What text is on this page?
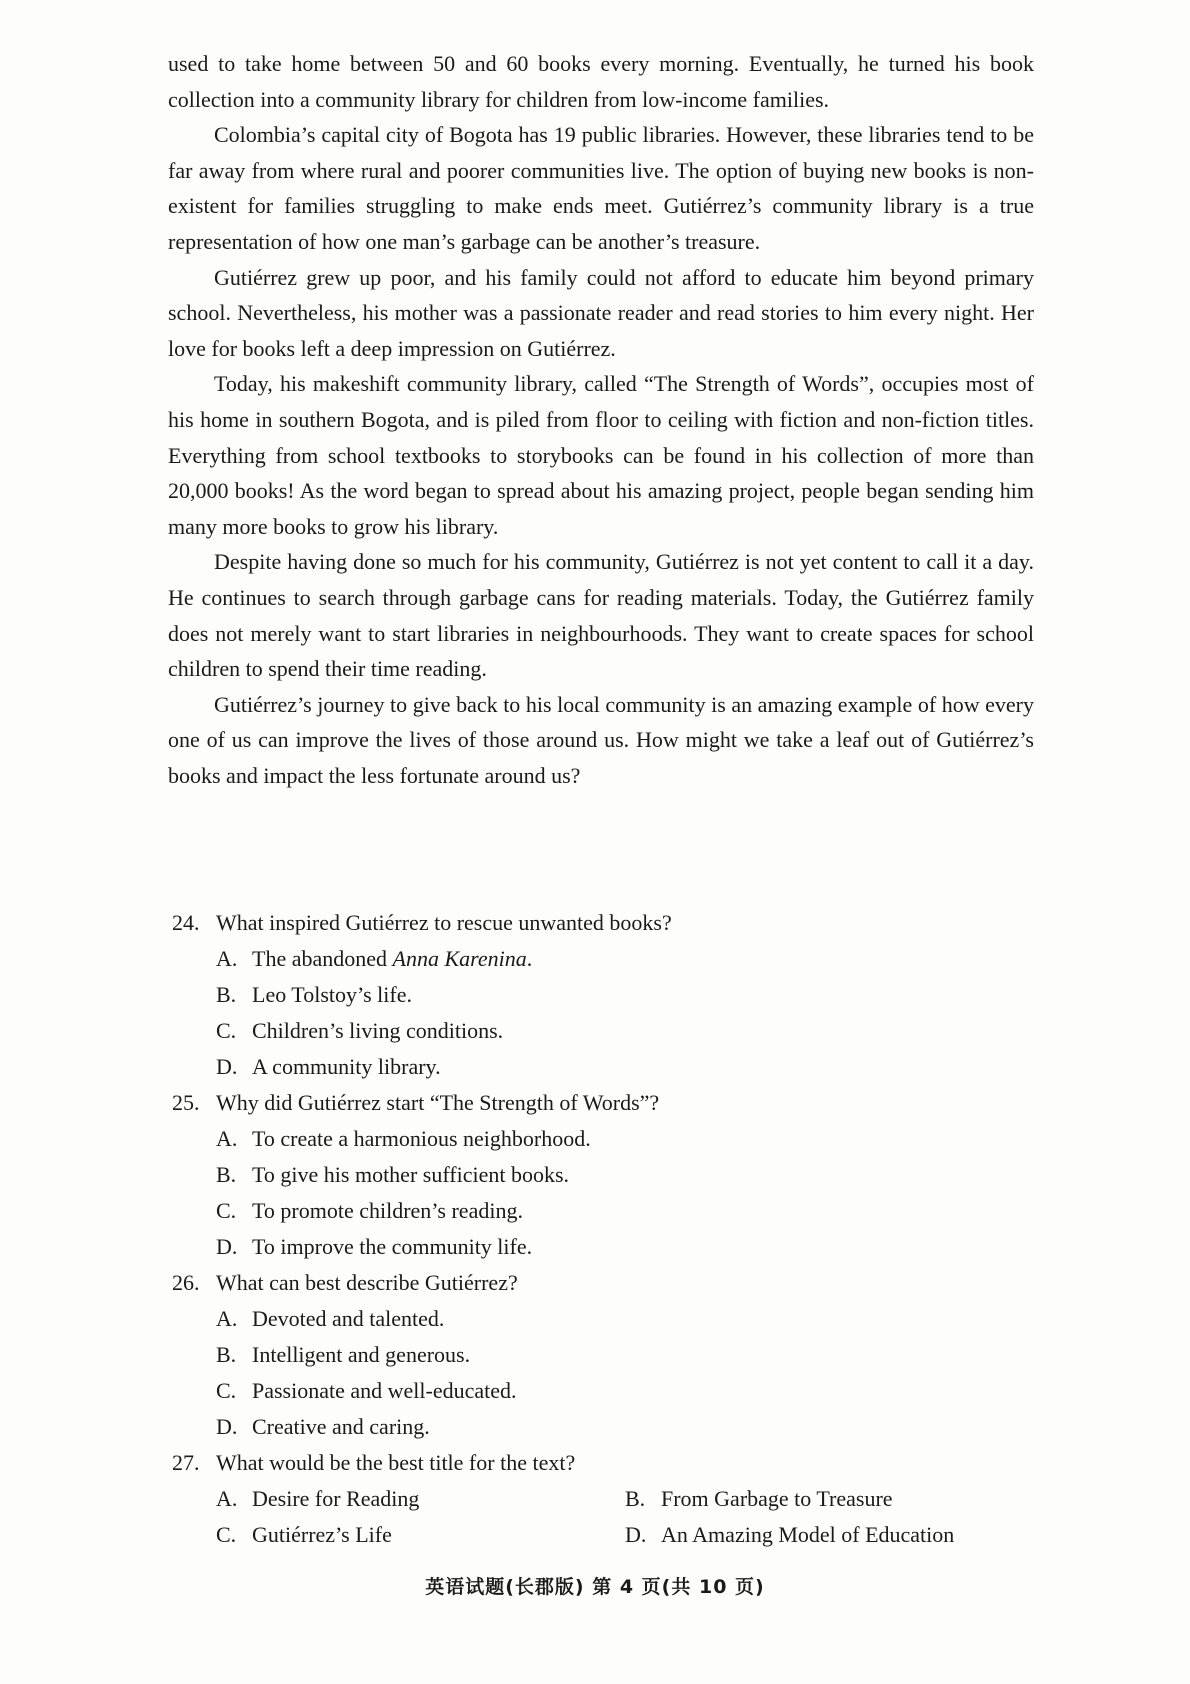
used to take home between 50 and 60 books every morning. Eventually, he turned his book collection into a community library for children from low-income families.

Colombia’s capital city of Bogota has 19 public libraries. However, these libraries tend to be far away from where rural and poorer communities live. The option of buying new books is non-existent for families struggling to make ends meet. Gutiérrez’s community library is a true representation of how one man’s garbage can be another’s treasure.

Gutiérrez grew up poor, and his family could not afford to educate him beyond primary school. Nevertheless, his mother was a passionate reader and read stories to him every night. Her love for books left a deep impression on Gutiérrez.

Today, his makeshift community library, called “The Strength of Words”, occupies most of his home in southern Bogota, and is piled from floor to ceiling with fiction and non-fiction titles. Everything from school textbooks to storybooks can be found in his collection of more than 20,000 books! As the word began to spread about his amazing project, people began sending him many more books to grow his library.

Despite having done so much for his community, Gutiérrez is not yet content to call it a day. He continues to search through garbage cans for reading materials. Today, the Gutiérrez family does not merely want to start libraries in neighbourhoods. They want to create spaces for school children to spend their time reading.

Gutiérrez’s journey to give back to his local community is an amazing example of how every one of us can improve the lives of those around us. How might we take a leaf out of Gutiérrez’s books and impact the less fortunate around us?

24. What inspired Gutiérrez to rescue unwanted books?

A. The abandoned Anna Karenina.

B. Leo Tolstoy’s life.

C. Children’s living conditions.

D. A community library.

25. Why did Gutiérrez start “The Strength of Words”?

A. To create a harmonious neighborhood.

B. To give his mother sufficient books.

C. To promote children’s reading.

D. To improve the community life.

26. What can best describe Gutiérrez?

A. Devoted and talented.

B. Intelligent and generous.

C. Passionate and well-educated.

D. Creative and caring.

27. What would be the best title for the text?

A. Desire for Reading	B. From Garbage to Treasure
C. Gutiérrez’s Life	D. An Amazing Model of Education
英语试题(长郡版) 第 4 页(共 10 页)
